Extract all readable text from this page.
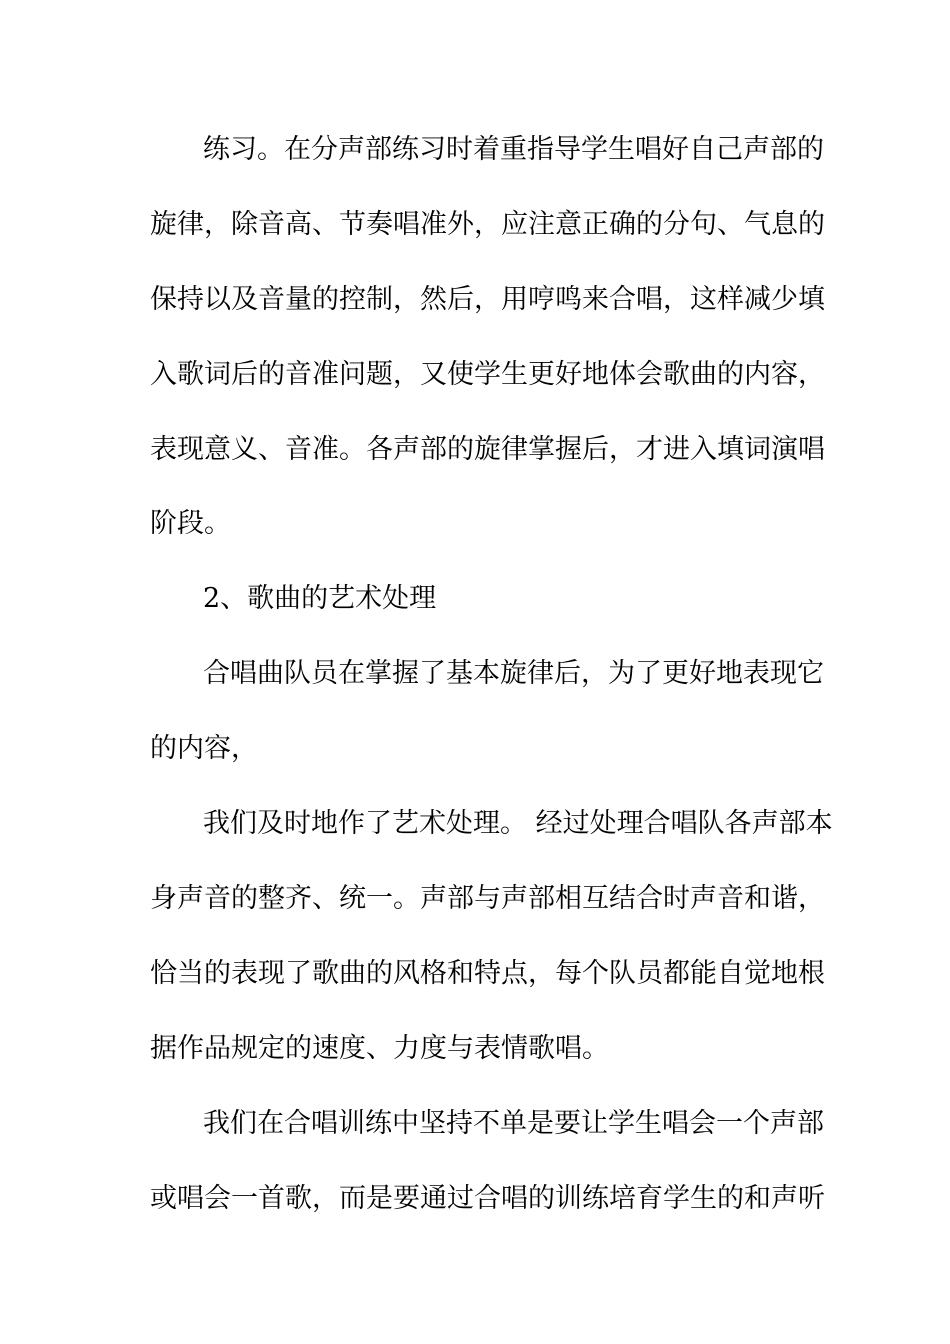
练习。在分声部练习时着重指导学生唱好自己声部的
旋律，除音高、节奏唱准外，应注意正确的分句、气息的
保持以及音量的控制，然后，用哼鸣来合唱，这样减少填
入歌词后的音准问题，又使学生更好地体会歌曲的内容，
表现意义、音准。各声部的旋律掌握后，才进入填词演唱
阶段。
2、歌曲的艺术处理
合唱曲队员在掌握了基本旋律后，为了更好地表现它
的内容，
我们及时地作了艺术处理。 经过处理合唱队各声部本
身声音的整齐、统一。声部与声部相互结合时声音和谐，
恰当的表现了歌曲的风格和特点，每个队员都能自觉地根
据作品规定的速度、力度与表情歌唱。
我们在合唱训练中坚持不单是要让学生唱会一个声部
或唱会一首歌，而是要通过合唱的训练培育学生的和声听
